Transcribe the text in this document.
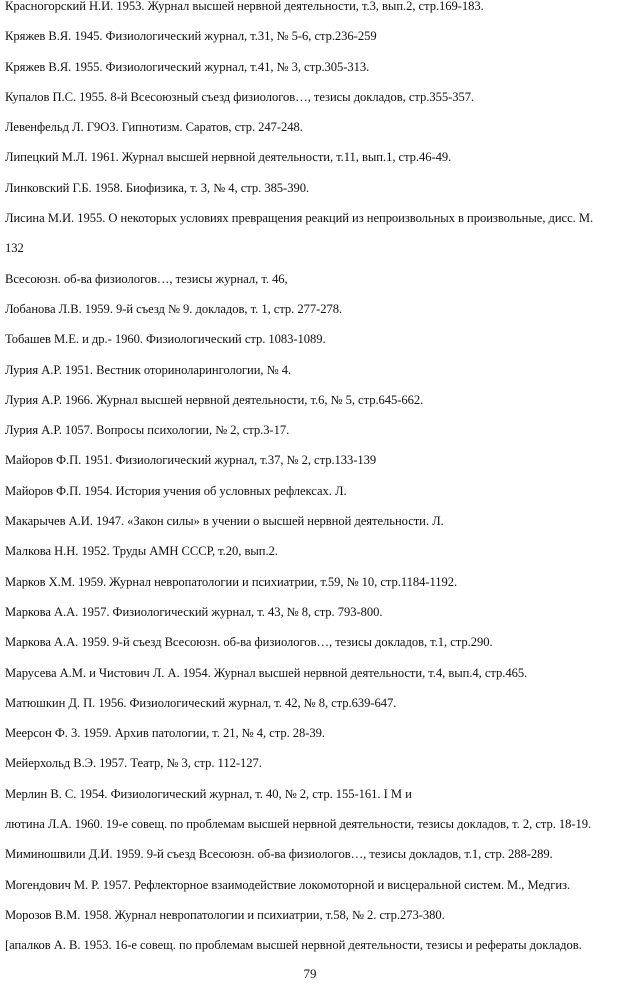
Красногорский Н.И. 1953. Журнал высшей нервной деятельности, т.3, вып.2, стр.169-183.
Кряжев В.Я. 1945. Физиологический журнал, т.31, № 5-6, стр.236-259
Кряжев В.Я. 1955. Физиологический журнал, т.41, № 3, стр.305-313.
Купалов П.С. 1955. 8-й Всесоюзный съезд физиологов…, тезисы докладов, стр.355-357.
Левенфельд Л. Г9ОЗ. Гипнотизм. Саратов, стр. 247-248.
Липецкий М.Л. 1961. Журнал высшей нервной деятельности, т.11, вып.1, стр.46-49.
Линковский Г.Б. 1958. Биофизика, т. 3, № 4, стр. 385-390.
Лисина М.И. 1955. О некоторых условиях превращения реакций из непроизвольных в произвольные, дисс. М.
132
Всесоюзн. об-ва физиологов…, тезисы журнал, т. 46,
Лобанова Л.В. 1959. 9-й съезд № 9. докладов, т. 1, стр. 277-278.
Тобашев М.Е. и др.- 1960. Физиологический стр. 1083-1089.
Лурия А.Р. 1951. Вестник оториноларингологии, № 4.
Лурия А.Р. 1966. Журнал высшей нервной деятельности, т.6, № 5, стр.645-662.
Лурия А.Р. 1057. Вопросы психологии, № 2, стр.3-17.
Майоров Ф.П. 1951. Физиологический журнал, т.37, № 2, стр.133-139
Майоров Ф.П. 1954. История учения об условных рефлексах. Л.
Макарычев А.И. 1947. «Закон силы» в учении о высшей нервной деятельности. Л.
Малкова Н.Н. 1952. Труды АМН СССР, т.20, вып.2.
Марков Х.М. 1959. Журнал невропатологии и психиатрии, т.59, № 10, стр.1184-1192.
Маркова А.А. 1957. Физиологический журнал, т. 43, № 8, стр. 793-800.
Маркова А.А. 1959. 9-й съезд Всесоюзн. об-ва физиологов…, тезисы докладов, т.1, стр.290.
Марусева А.М. и Чистович Л. А. 1954. Журнал высшей нервной деятельности, т.4, вып.4, стр.465.
Матюшкин Д. П. 1956. Физиологический журнал, т. 42, № 8, стр.639-647.
Меерсон Ф. 3. 1959. Архив патологии, т. 21, № 4, стр. 28-39.
Мейерхольд В.Э. 1957. Театр, № 3, стр. 112-127.
Мерлин В. С. 1954. Физиологический журнал, т. 40, № 2, стр. 155-161. I М и
лютина Л.А. 1960. 19-е совещ. по проблемам высшей нервной деятельности, тезисы докладов, т. 2, стр. 18-19.
Миминошвили Д.И. 1959. 9-й съезд Всесоюзн. об-ва физиологов…, тезисы докладов, т.1, стр. 288-289.
Могендович М. Р. 1957. Рефлекторное взаимодействие локомоторной и висцеральной систем. М., Медгиз.
Морозов В.М. 1958. Журнал невропатологии и психиатрии, т.58, № 2. стр.273-380.
[апалков А. В. 1953. 16-е совещ. по проблемам высшей нервной деятельности, тезисы и рефераты докладов.
79
